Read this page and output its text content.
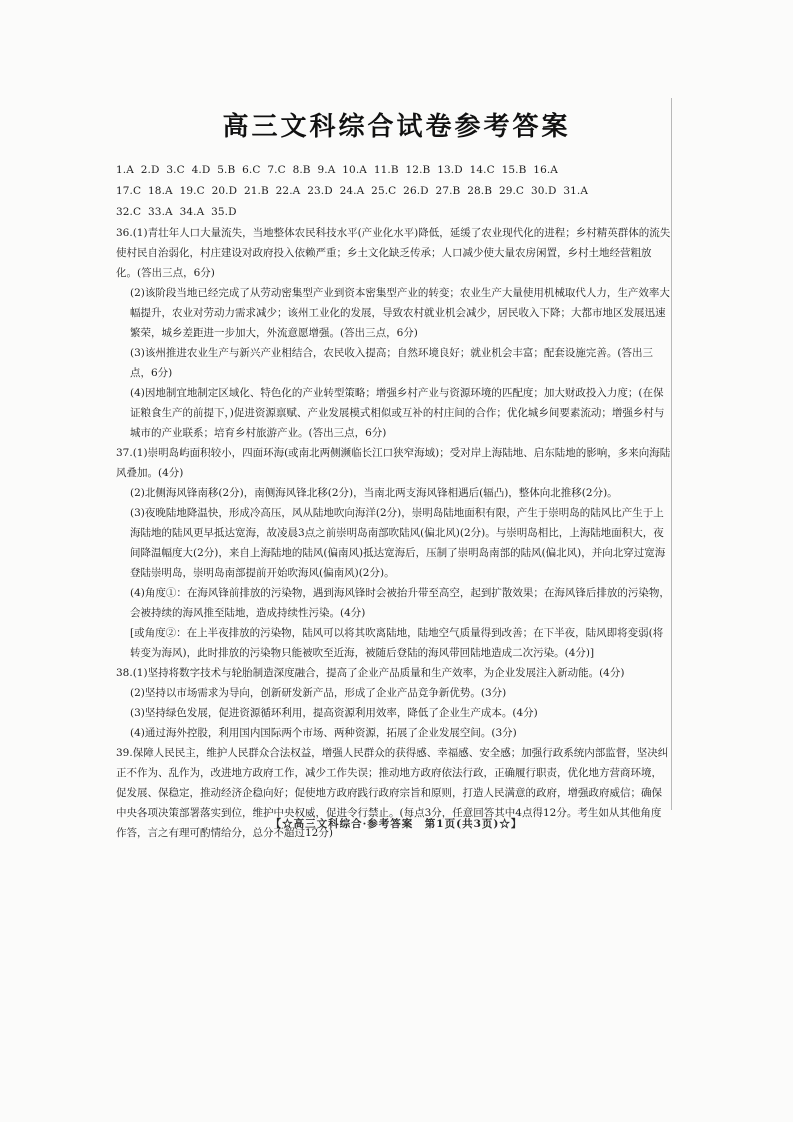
高三文科综合试卷参考答案
1.A  2.D  3.C  4.D  5.B  6.C  7.C  8.B  9.A  10.A  11.B  12.B  13.D  14.C  15.B  16.A
17.C  18.A  19.C  20.D  21.B  22.A  23.D  24.A  25.C  26.D  27.B  28.B  29.C  30.D  31.A
32.C  33.A  34.A  35.D

36.(1)青壮年人口大量流失，当地整体农民科技水平(产业化水平)降低，延缓了农业现代化的进程；乡村精英群体的流失使村民自治弱化，村庄建设对政府投入依赖严重；乡土文化缺乏传承；人口减少使大量农房闲置，乡村土地经营粗放化。(答出三点，6分)

(2)该阶段当地已经完成了从劳动密集型产业到资本密集型产业的转变；农业生产大量使用机械取代人力，生产效率大幅提升，农业对劳动力需求减少；该州工业化的发展，导致农村就业机会减少，居民收入下降；大都市地区发展迅速繁荣，城乡差距进一步加大，外流意愿增强。(答出三点，6分)

(3)该州推进农业生产与新兴产业相结合，农民收入提高；自然环境良好；就业机会丰富；配套设施完善。(答出三点，6分)

(4)因地制宜地制定区域化、特色化的产业转型策略；增强乡村产业与资源环境的匹配度；加大财政投入力度；(在保证粮食生产的前提下，)促进资源禀赋、产业发展模式相似或互补的村庄间的合作；优化城乡间要素流动；增强乡村与城市的产业联系；培育乡村旅游产业。(答出三点，6分)

37.(1)崇明岛屿面积较小，四面环海(或南北两侧濒临长江口狭窄海域)；受对岸上海陆地、启东陆地的影响，多来向海陆风叠加。(4分)

(2)北侧海风锋南移(2分)，南侧海风锋北移(2分)，当南北两支海风锋相遇后(辐凸)，整体向北推移(2分)。

(3)夜晚陆地降温快，形成冷高压，风从陆地吹向海洋(2分)，崇明岛陆地面积有限，产生于崇明岛的陆风比产生于上海陆地的陆风更早抵达宽海，故凌晨3点之前崇明岛南部吹陆风(偏北风)(2分)。与崇明岛相比，上海陆地面积大，夜间降温幅度大(2分)，来自上海陆地的陆风(偏南风)抵达宽海后，压制了崇明岛南部的陆风(偏北风)，并向北穿过宽海登陆崇明岛，崇明岛南部提前开始吹海风(偏南风)(2分)。

(4)角度①：在海风锋前排放的污染物，遇到海风锋时会被抬升带至高空，起到扩散效果；在海风锋后排放的污染物，会被持续的海风推至陆地，造成持续性污染。(4分)

[或角度②：在上半夜排放的污染物，陆风可以将其吹离陆地，陆地空气质量得到改善；在下半夜，陆风即将变弱(将转变为海风)，此时排放的污染物只能被吹至近海，被随后登陆的海风带回陆地造成二次污染。(4分)]

38.(1)坚持将数字技术与轮胎制造深度融合，提高了企业产品质量和生产效率，为企业发展注入新动能。(4分)

(2)坚持以市场需求为导向，创新研发新产品，形成了企业产品竞争新优势。(3分)

(3)坚持绿色发展，促进资源循环利用，提高资源利用效率，降低了企业生产成本。(4分)

(4)通过海外控股，利用国内国际两个市场、两种资源，拓展了企业发展空间。(3分)

39.保障人民民主，维护人民群众合法权益，增强人民群众的获得感、幸福感、安全感；加强行政系统内部监督，坚决纠正不作为、乱作为，改进地方政府工作，减少工作失误；推动地方政府依法行政，正确履行职责，优化地方营商环境，促发展、保稳定，推动经济企稳向好；促使地方政府践行政府宗旨和原则，打造人民满意的政府，增强政府威信；确保中央各项决策部署落实到位，维护中央权威，促进令行禁止。(每点3分，任意回答其中4点得12分。考生如从其他角度作答，言之有理可酌情给分，总分不超过12分)

【☆高三文科综合·参考答案　第1页(共3页)☆】
